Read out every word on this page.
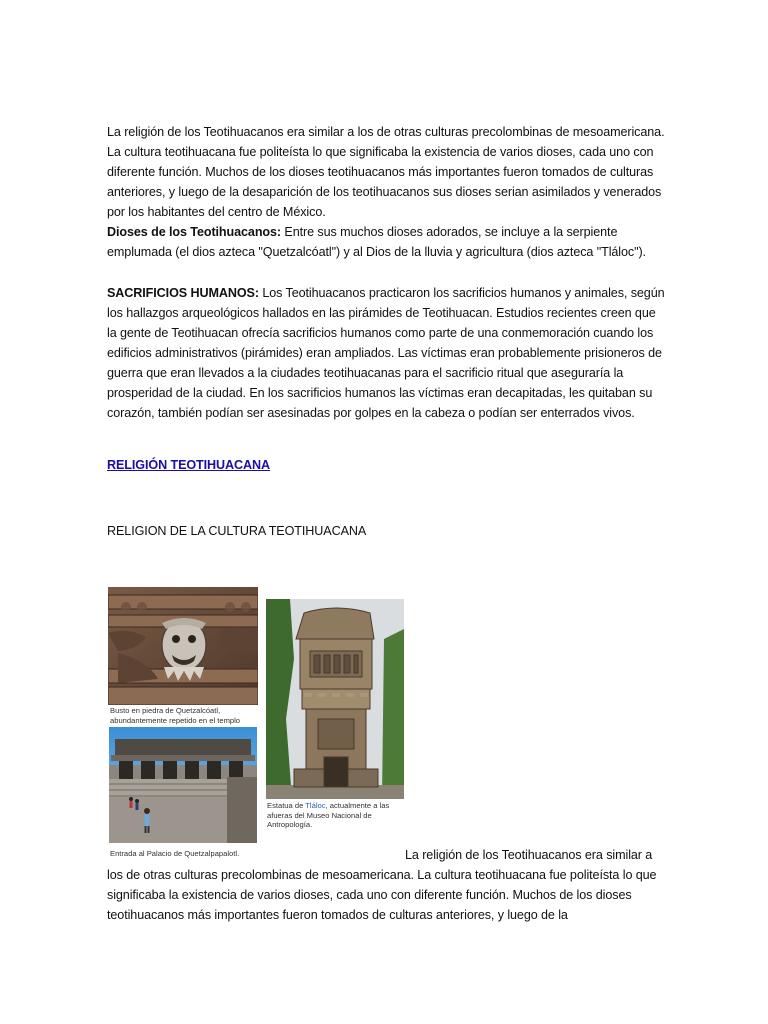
La religión de los Teotihuacanos era similar a los de otras culturas precolombinas de mesoamericana. La cultura teotihuacana fue politeísta lo que significaba la existencia de varios dioses, cada uno con diferente función. Muchos de los dioses teotihuacanos más importantes fueron tomados de culturas anteriores, y luego de la desaparición de los teotihuacanos sus dioses serian asimilados y venerados por los habitantes del centro de México.
Dioses de los Teotihuacanos: Entre sus muchos dioses adorados, se incluye a la serpiente emplumada (el dios azteca "Quetzalcóatl") y al Dios de la lluvia y agricultura (dios azteca "Tláloc").
SACRIFICIOS HUMANOS: Los Teotihuacanos practicaron los sacrificios humanos y animales, según los hallazgos arqueológicos hallados en las pirámides de Teotihuacan. Estudios recientes creen que la gente de Teotihuacan ofrecía sacrificios humanos como parte de una conmemoración cuando los edificios administrativos (pirámides) eran ampliados. Las víctimas eran probablemente prisioneros de guerra que eran llevados a la ciudades teotihuacanas para el sacrificio ritual que aseguraría la prosperidad de la ciudad. En los sacrificios humanos las víctimas eran decapitadas, les quitaban su corazón, también podían ser asesinadas por golpes en la cabeza o podían ser enterrados vivos.
RELIGIÓN TEOTIHUACANA
RELIGION DE LA CULTURA TEOTIHUACANA
Busto en piedra de Quetzalcóatl, abundantemente repetido en el templo
Entrada al Palacio de Quetzalpapalotl.
Estatua de Tláloc, actualmente a las afueras del Museo Nacional de Antropología.
La religión de los Teotihuacanos era similar a los de otras culturas precolombinas de mesoamericana. La cultura teotihuacana fue politeísta lo que significaba la existencia de varios dioses, cada uno con diferente función. Muchos de los dioses teotihuacanos más importantes fueron tomados de culturas anteriores, y luego de la
